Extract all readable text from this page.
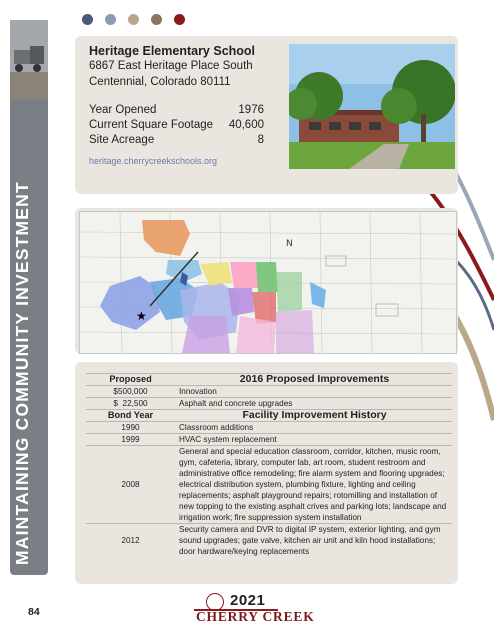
MAINTAINING COMMUNITY INVESTMENT
Heritage Elementary School
6867 East Heritage Place South
Centennial, Colorado 80111
Year Opened	1976
Current Square Footage 40,600
Site Acreage	8
heritage.cherrycreekschools.org
★
N
Proposed	2016 Proposed Improvements
$500,000	Innovation
$  22,500	Asphalt and concrete upgrades
Bond Year	Facility Improvement History
1990	Classroom additions
1999	HVAC system replacement
2008	General and special education classroom, corridor, kitchen, music room, gym, cafeteria, library, computer lab, art room, student restroom and administrative office remodeling; fire alarm system and flooring upgrades; electrical distribution system, plumbing fixture, lighting and ceiling replacements; asphalt playground repairs; rotomilling and installation of new topping to the existing asphalt crives and parking lots; landscape and irrigation work; fire suppression system installation
2012	Security camera and DVR to digital IP system, exterior lighting, and gym sound upgrades; gate valve, kitchen air unit and kiln hood installations; door hardware/keying replacements
84
2021
CHERRY CREEK
